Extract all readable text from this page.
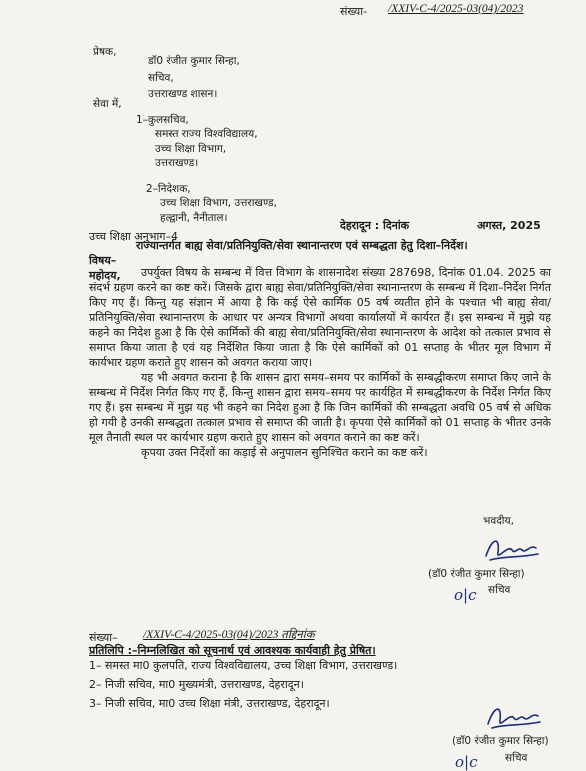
संख्या- /XXIV-C-4/2025-03(04)/2023
प्रेषक,
डॉ0 रंजीत कुमार सिन्हा,
सचिव,
उत्तराखण्ड शासन।
सेवा में,
1–कुलसचिव,
समस्त राज्य विश्वविद्यालय,
उच्च शिक्षा विभाग,
उत्तराखण्ड।
2–निदेशक,
उच्च शिक्षा विभाग, उत्तराखण्ड,
हल्द्वानी, नैनीताल।
उच्च शिक्षा अनुभाग–4
देहरादून : दिनांक	अगस्त, 2025
विषय–
राज्यान्तर्गत बाह्य सेवा/प्रतिनियुक्ति/सेवा स्थानान्तरण एवं सम्बद्धता हेतु दिशा–निर्देश।
महोदय,	उपर्युक्त विषय के सम्बन्ध में वित्त विभाग के शासनादेश संख्या 287698, दिनांक 01.04. 2025 का संदर्भ ग्रहण करने का कष्ट करें। जिसके द्वारा बाह्य सेवा/प्रतिनियुक्ति/सेवा स्थानान्तरण के सम्बन्ध में दिशा–निर्देश निर्गत किए गए हैं। किन्तु यह संज्ञान में आया है कि कई ऐसे कार्मिक 05 वर्ष व्यतीत होने के पश्चात भी बाह्य सेवा/प्रतिनियुक्ति/सेवा स्थानान्तरण के आधार पर अन्यत्र विभागों अथवा कार्यालयों में कार्यरत हैं। इस सम्बन्ध में मुझे यह कहने का निदेश हुआ है कि ऐसे कार्मिकों की बाह्य सेवा/प्रतिनियुक्ति/सेवा स्थानान्तरण के आदेश को तत्काल प्रभाव से समाप्त किया जाता है एवं यह निर्देशित किया जाता है कि ऐसे कार्मिकों को 01 सप्ताह के भीतर मूल विभाग में कार्यभार ग्रहण कराते हुए शासन को अवगत कराया जाए।

यह भी अवगत कराना है कि शासन द्वारा समय–समय पर कार्मिकों के सम्बद्धीकरण समाप्त किए जाने के सम्बन्ध में निर्देश निर्गत किए गए हैं, किन्तु शासन द्वारा समय–समय पर कार्यहित में सम्बद्धीकरण के निर्देश निर्गत किए गए हैं। इस सम्बन्ध में मुझ यह भी कहने का निदेश हुआ है कि जिन कार्मिकों की सम्बद्धता अवधि 05 वर्ष से अधिक हो गयी है उनकी सम्बद्धता तत्काल प्रभाव से समाप्त की जाती है। कृपया ऐसे कार्मिकों को 01 सप्ताह के भीतर उनके मूल तैनाती स्थल पर कार्यभार ग्रहण कराते हुए शासन को अवगत कराने का कष्ट करें।

कृपया उक्त निर्देशों का कड़ाई से अनुपालन सुनिश्चित कराने का कष्ट करें।

भवदीय,
(डॉ0 रंजीत कुमार सिन्हा)
o|c सचिव
संख्या– /XXIV-C-4/2025-03(04)/2023 तद्दिनांक
प्रतिलिपि :–निम्नलिखित को सूचनार्थ एवं आवश्यक कार्यवाही हेतु प्रेषित।
1– समस्त मा0 कुलपति, राज्य विश्वविद्यालय, उच्च शिक्षा विभाग, उत्तराखण्ड।
2– निजी सचिव, मा0 मुख्यमंत्री, उत्तराखण्ड, देहरादून।
3– निजी सचिव, मा0 उच्च शिक्षा मंत्री, उत्तराखण्ड, देहरादून।
(डॉ0 रंजीत कुमार सिन्हा)
o|c	सचिव
